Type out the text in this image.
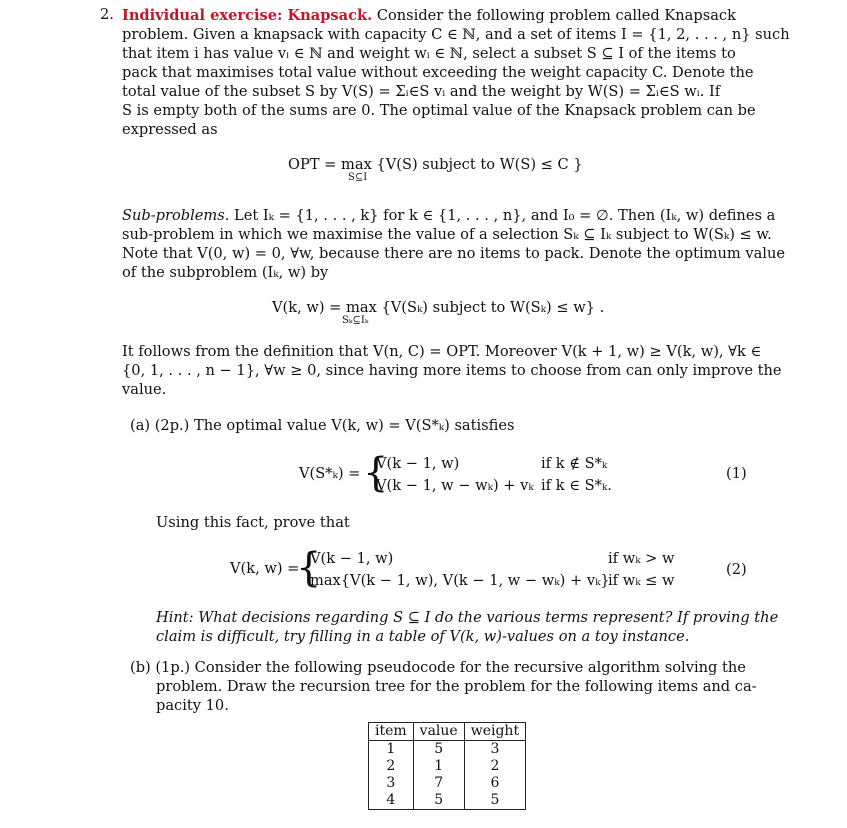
2. Individual exercise: Knapsack. Consider the following problem called Knapsack
problem. Given a knapsack with capacity C ∈ ℕ, and a set of items I = {1, 2, . . . , n} such
that item i has value vᵢ ∈ ℕ and weight wᵢ ∈ ℕ, select a subset S ⊆ I of the items to
pack that maximises total value without exceeding the weight capacity C. Denote the
total value of the subset S by V(S) = Σᵢ∈S vᵢ and the weight by W(S) = Σᵢ∈S wᵢ. If
S is empty both of the sums are 0. The optimal value of the Knapsack problem can be
expressed as
OPT = max {V(S) subject to W(S) ≤ C }
S⊆I
Sub-problems. Let Iₖ = {1, . . . , k} for k ∈ {1, . . . , n}, and I₀ = ∅. Then (Iₖ, w) defines a
sub-problem in which we maximise the value of a selection Sₖ ⊆ Iₖ subject to W(Sₖ) ≤ w.
Note that V(0, w) = 0, ∀w, because there are no items to pack. Denote the optimum value
of the subproblem (Iₖ, w) by
V(k, w) = max {V(Sₖ) subject to W(Sₖ) ≤ w} .
Sₖ⊆Iₖ
It follows from the definition that V(n, C) = OPT. Moreover V(k + 1, w) ≥ V(k, w), ∀k ∈
{0, 1, . . . , n − 1}, ∀w ≥ 0, since having more items to choose from can only improve the
value.
(a) (2p.) The optimal value V(k, w) = V(S*ₖ) satisfies
V(S*ₖ) = {
V(k − 1, w)	if k ∉ S*ₖ
V(k − 1, w − wₖ) + vₖ if k ∈ S*ₖ.
(1)
Using this fact, prove that
V(k, w) =
{
V(k − 1, w)	if wₖ > w
max{V(k − 1, w), V(k − 1, w − wₖ) + vₖ}
if wₖ ≤ w
(2)
Hint: What decisions regarding S ⊆ I do the various terms represent? If proving the
claim is difficult, try filling in a table of V(k, w)-values on a toy instance.
(b) (1p.) Consider the following pseudocode for the recursive algorithm solving the
problem. Draw the recursion tree for the problem for the following items and ca-
pacity 10.
item	value	weight
1	5	3
2	1	2
3	7	6
4	5	5
